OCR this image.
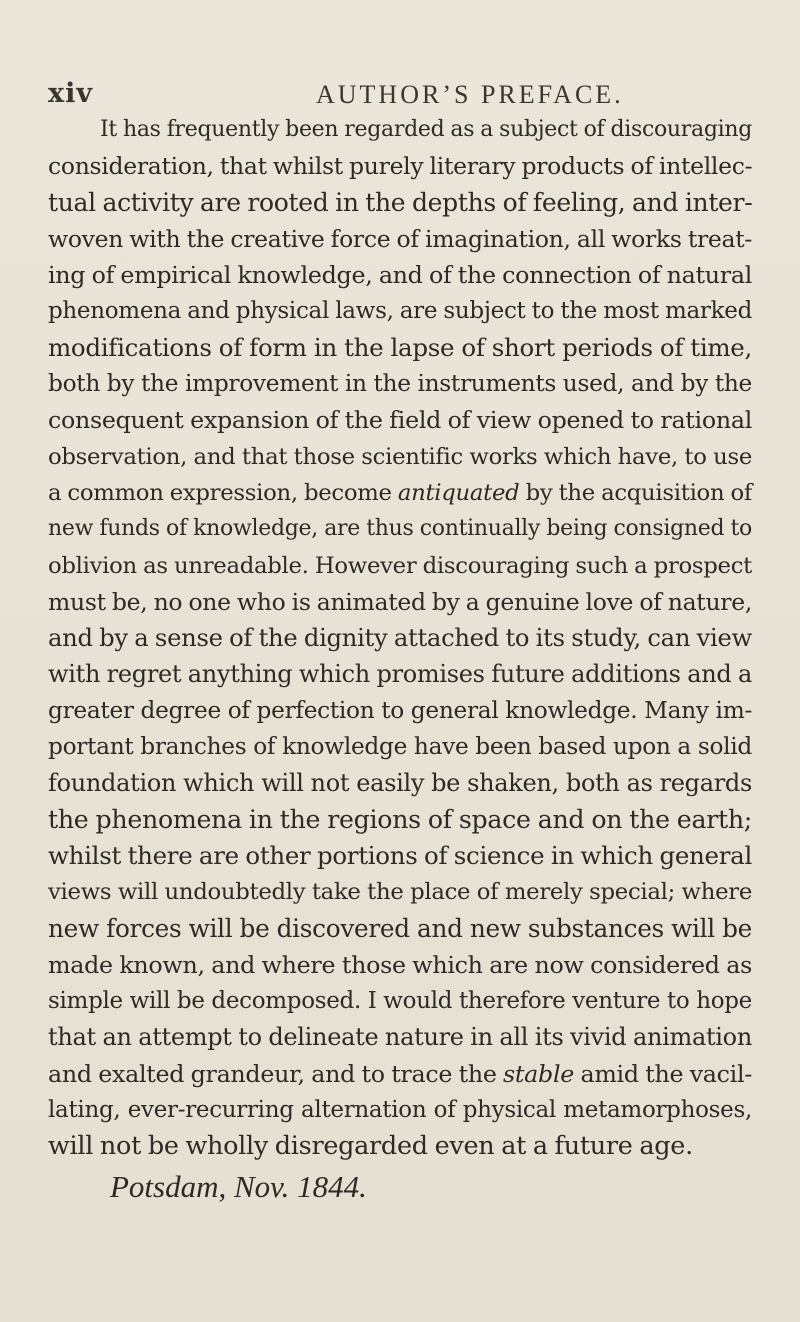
xiv	AUTHOR’S PREFACE.
It has frequently been regarded as a subject of discouraging
consideration, that whilst purely literary products of intellec-
tual activity are rooted in the depths of feeling, and inter-
woven with the creative force of imagination, all works treat-
ing of empirical knowledge, and of the connection of natural
phenomena and physical laws, are subject to the most marked
modifications of form in the lapse of short periods of time,
both by the improvement in the instruments used, and by the
consequent expansion of the field of view opened to rational
observation, and that those scientific works which have, to use
a common expression, become antiquated by the acquisition of
new funds of knowledge, are thus continually being consigned to
oblivion as unreadable. However discouraging such a prospect
must be, no one who is animated by a genuine love of nature,
and by a sense of the dignity attached to its study, can view
with regret anything which promises future additions and a
greater degree of perfection to general knowledge. Many im-
portant branches of knowledge have been based upon a solid
foundation which will not easily be shaken, both as regards
the phenomena in the regions of space and on the earth;
whilst there are other portions of science in which general
views will undoubtedly take the place of merely special; where
new forces will be discovered and new substances will be
made known, and where those which are now considered as
simple will be decomposed. I would therefore venture to hope
that an attempt to delineate nature in all its vivid animation
and exalted grandeur, and to trace the stable amid the vacil-
lating, ever-recurring alternation of physical metamorphoses,
will not be wholly disregarded even at a future age.
Potsdam, Nov. 1844.
